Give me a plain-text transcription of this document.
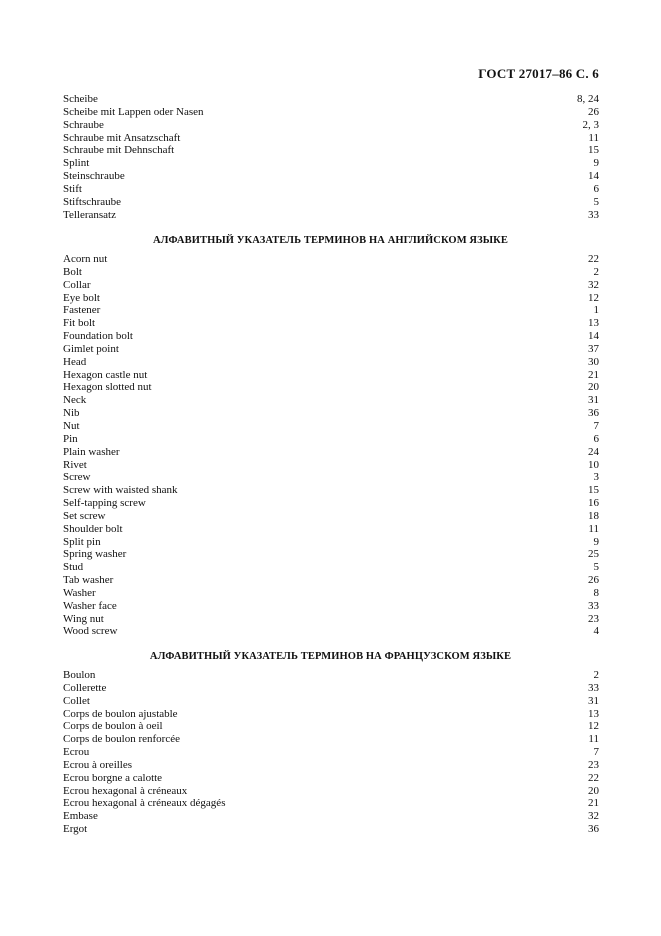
ГОСТ 27017–86 С. 6
Scheibe	8, 24
Scheibe mit Lappen oder Nasen	26
Schraube	2, 3
Schraube mit Ansatzschaft	11
Schraube mit Dehnschaft	15
Splint	9
Steinschraube	14
Stift	6
Stiftschraube	5
Telleransatz	33
АЛФАВИТНЫЙ УКАЗАТЕЛЬ ТЕРМИНОВ НА АНГЛИЙСКОМ ЯЗЫКЕ
Acorn nut	22
Bolt	2
Collar	32
Eye bolt	12
Fastener	1
Fit bolt	13
Foundation bolt	14
Gimlet point	37
Head	30
Hexagon castle nut	21
Hexagon slotted nut	20
Neck	31
Nib	36
Nut	7
Pin	6
Plain washer	24
Rivet	10
Screw	3
Screw with waisted shank	15
Self-tapping screw	16
Set screw	18
Shoulder bolt	11
Split pin	9
Spring washer	25
Stud	5
Tab washer	26
Washer	8
Washer face	33
Wing nut	23
Wood screw	4
АЛФАВИТНЫЙ УКАЗАТЕЛЬ ТЕРМИНОВ НА ФРАНЦУЗСКОМ ЯЗЫКЕ
Boulon	2
Collerette	33
Collet	31
Corps de boulon ajustable	13
Corps de boulon à oeil	12
Corps de boulon renforcée	11
Ecrou	7
Ecrou à oreilles	23
Ecrou borgne a calotte	22
Ecrou hexagonal à créneaux	20
Ecrou hexagonal à créneaux dégagés	21
Embase	32
Ergot	36
